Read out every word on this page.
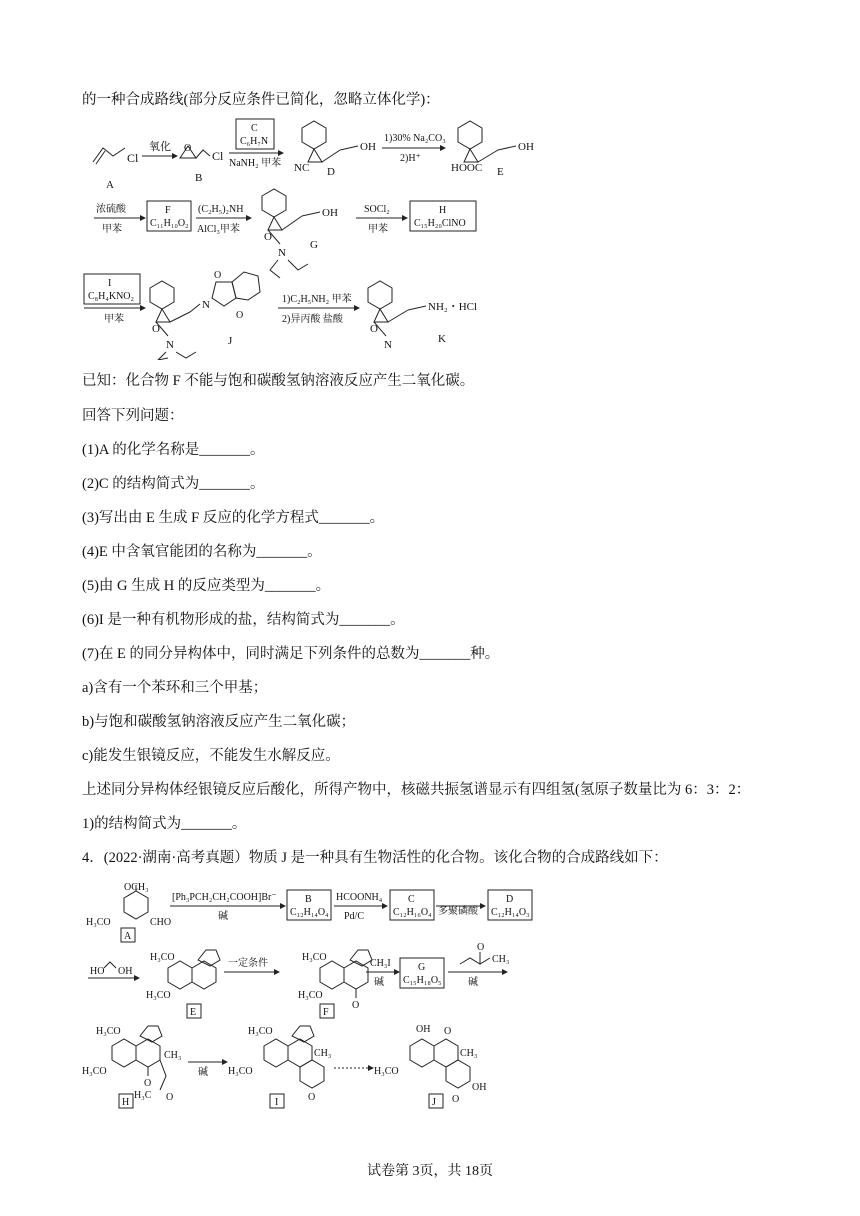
的一种合成路线(部分反应条件已简化，忽略立体化学)：
Cl
A
氧化 O
Cl
B
C
C₆H₇N
NaNH₂ 甲苯
OH
NC D
1)30% Na₂CO₃
2)H⁺
OH
HOOC E
浓硫酸
甲苯
F
C₁₁H₁₀O₂
(C₂H₅)₂NH
AlCl₃甲苯
OH
O
N
G
SOCl₂
甲苯
H
C₁₅H₂₀ClNO
I
C₈H₄KNO₂
甲苯
N
O
O
O
N	J
1)C₂H₅NH₂ 甲苯
2)异丙酸 盐酸
NH₂・HCl
O
N	K
已知：化合物 F 不能与饱和碳酸氢钠溶液反应产生二氧化碳。
回答下列问题：
(1)A 的化学名称是_______。
(2)C 的结构简式为_______。
(3)写出由 E 生成 F 反应的化学方程式_______。
(4)E 中含氧官能团的名称为_______。
(5)由 G 生成 H 的反应类型为_______。
(6)I 是一种有机物形成的盐，结构简式为_______。
(7)在 E 的同分异构体中，同时满足下列条件的总数为_______种。
a)含有一个苯环和三个甲基；
b)与饱和碳酸氢钠溶液反应产生二氧化碳；
c)能发生银镜反应，不能发生水解反应。
上述同分异构体经银镜反应后酸化，所得产物中，核磁共振氢谱显示有四组氢(氢原子数量比为 6：3：2：
1)的结构简式为_______。
4．(2022·湖南·高考真题）物质 J 是一种具有生物活性的化合物。该化合物的合成路线如下：
OCH₃
H₃CO	CHO
A
[Ph₃PCH₂CH₂COOH]Br⁻
碱
B
C₁₂H₁₄O₄
HCOONH₄
Pd/C
C
C₁₂H₁₆O₄ 多聚磷酸
D
C₁₂H₁₄O₃
HO OH
H₃CO
H₃CO
E
一定条件
H₃CO
H₃CO
O
F
CH₃I
碱
G
C₁₅H₁₈O₅
O
CH₃
碱
H₃CO
CH₃
H₃CO
O
H₃C O
H
碱
H₃CO
CH₃
H₃CO
O
I
OH O
CH₃
H₃CO
OH
O
J
试卷第 3页，共 18页
